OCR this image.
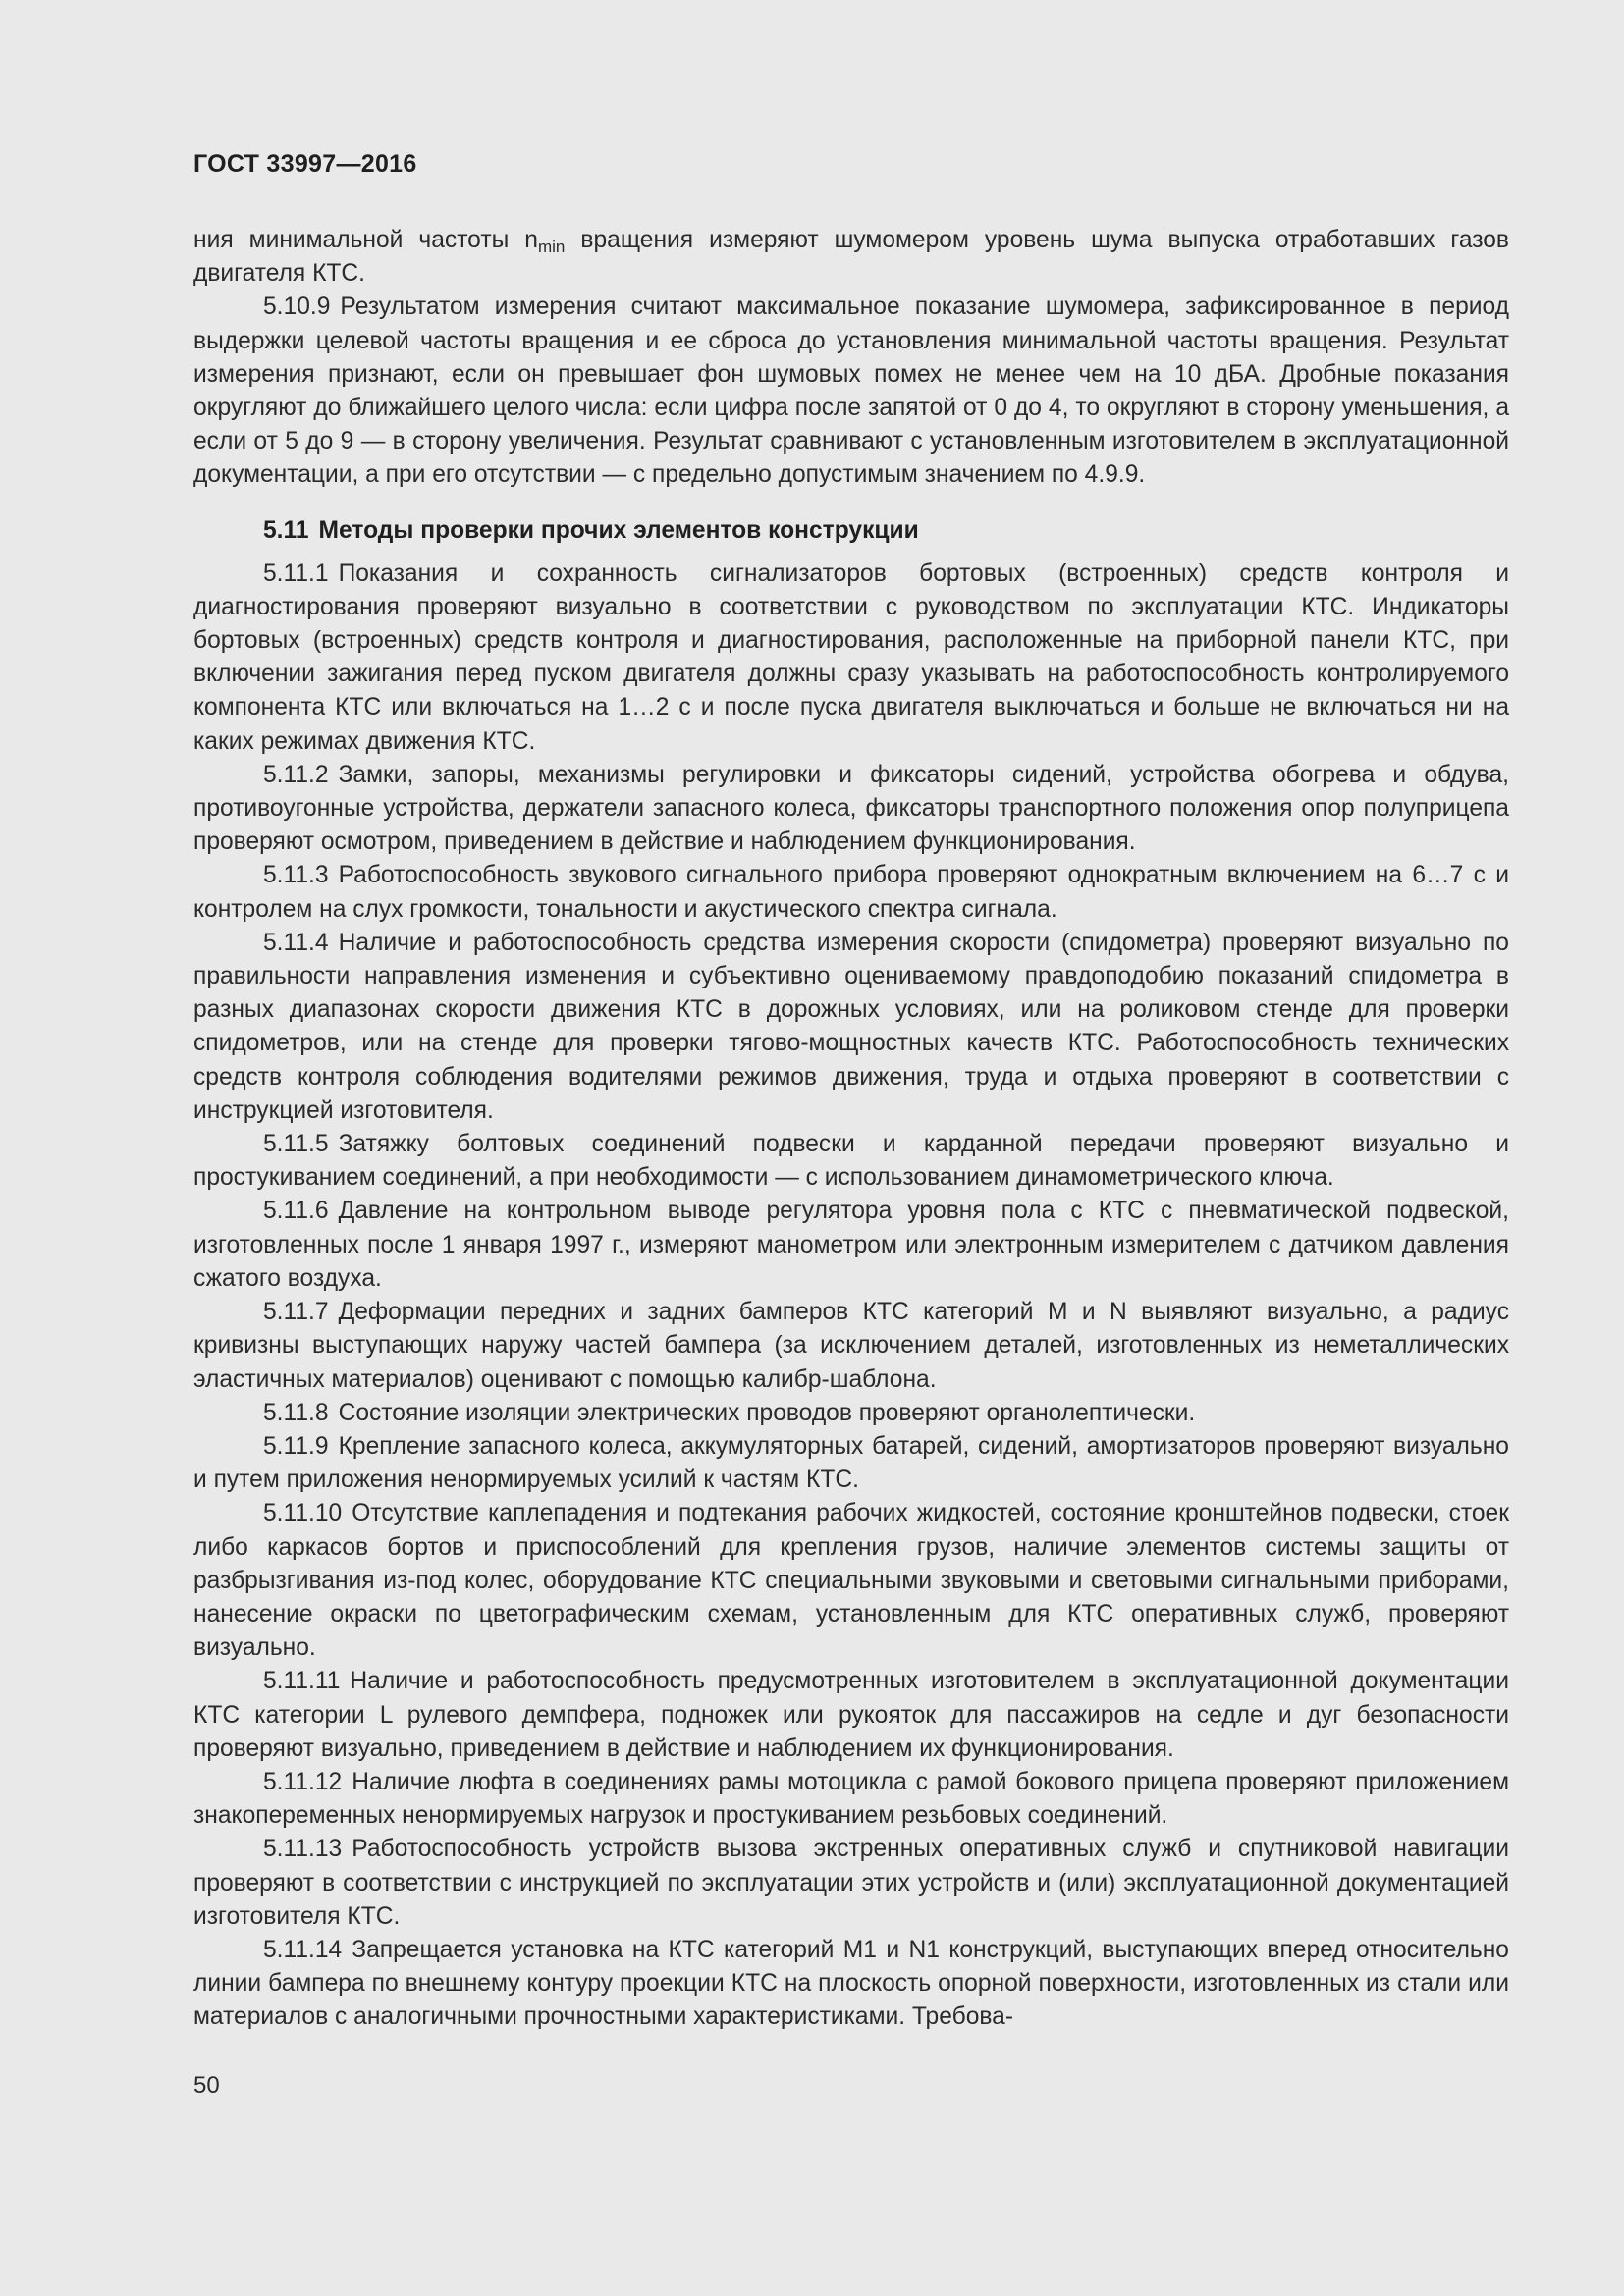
ГОСТ 33997—2016

ния минимальной частоты $n_{min}$ вращения измеряют шумомером уровень шума выпуска отработавших газов двигателя КТС.

5.10.9 Результатом измерения считают максимальное показание шумомера, зафиксированное в период выдержки целевой частоты вращения и ее сброса до установления минимальной частоты вращения. Результат измерения признают, если он превышает фон шумовых помех не менее чем на 10 дБА. Дробные показания округляют до ближайшего целого числа: если цифра после запятой от 0 до 4, то округляют в сторону уменьшения, а если от 5 до 9 — в сторону увеличения. Результат сравнивают с установленным изготовителем в эксплуатационной документации, а при его отсутствии — с предельно допустимым значением по 4.9.9.

5.11 Методы проверки прочих элементов конструкции

5.11.1 Показания и сохранность сигнализаторов бортовых (встроенных) средств контроля и диагностирования проверяют визуально в соответствии с руководством по эксплуатации КТС. Индикаторы бортовых (встроенных) средств контроля и диагностирования, расположенные на приборной панели КТС, при включении зажигания перед пуском двигателя должны сразу указывать на работоспособность контролируемого компонента КТС или включаться на 1…2 с и после пуска двигателя выключаться и больше не включаться ни на каких режимах движения КТС.

5.11.2 Замки, запоры, механизмы регулировки и фиксаторы сидений, устройства обогрева и обдува, противоугонные устройства, держатели запасного колеса, фиксаторы транспортного положения опор полуприцепа проверяют осмотром, приведением в действие и наблюдением функционирования.

5.11.3 Работоспособность звукового сигнального прибора проверяют однократным включением на 6…7 с и контролем на слух громкости, тональности и акустического спектра сигнала.

5.11.4 Наличие и работоспособность средства измерения скорости (спидометра) проверяют визуально по правильности направления изменения и субъективно оцениваемому правдоподобию показаний спидометра в разных диапазонах скорости движения КТС в дорожных условиях, или на роликовом стенде для проверки спидометров, или на стенде для проверки тягово-мощностных качеств КТС. Работоспособность технических средств контроля соблюдения водителями режимов движения, труда и отдыха проверяют в соответствии с инструкцией изготовителя.

5.11.5 Затяжку болтовых соединений подвески и карданной передачи проверяют визуально и простукиванием соединений, а при необходимости — с использованием динамометрического ключа.

5.11.6 Давление на контрольном выводе регулятора уровня пола с КТС с пневматической подвеской, изготовленных после 1 января 1997 г., измеряют манометром или электронным измерителем с датчиком давления сжатого воздуха.

5.11.7 Деформации передних и задних бамперов КТС категорий М и N выявляют визуально, а радиус кривизны выступающих наружу частей бампера (за исключением деталей, изготовленных из неметаллических эластичных материалов) оценивают с помощью калибр-шаблона.

5.11.8 Состояние изоляции электрических проводов проверяют органолептически.

5.11.9 Крепление запасного колеса, аккумуляторных батарей, сидений, амортизаторов проверяют визуально и путем приложения ненормируемых усилий к частям КТС.

5.11.10 Отсутствие каплепадения и подтекания рабочих жидкостей, состояние кронштейнов подвески, стоек либо каркасов бортов и приспособлений для крепления грузов, наличие элементов системы защиты от разбрызгивания из-под колес, оборудование КТС специальными звуковыми и световыми сигнальными приборами, нанесение окраски по цветографическим схемам, установленным для КТС оперативных служб, проверяют визуально.

5.11.11 Наличие и работоспособность предусмотренных изготовителем в эксплуатационной документации КТС категории L рулевого демпфера, подножек или рукояток для пассажиров на седле и дуг безопасности проверяют визуально, приведением в действие и наблюдением их функционирования.

5.11.12 Наличие люфта в соединениях рамы мотоцикла с рамой бокового прицепа проверяют приложением знакопеременных ненормируемых нагрузок и простукиванием резьбовых соединений.

5.11.13 Работоспособность устройств вызова экстренных оперативных служб и спутниковой навигации проверяют в соответствии с инструкцией по эксплуатации этих устройств и (или) эксплуатационной документацией изготовителя КТС.

5.11.14 Запрещается установка на КТС категорий М1 и N1 конструкций, выступающих вперед относительно линии бампера по внешнему контуру проекции КТС на плоскость опорной поверхности, изготовленных из стали или материалов с аналогичными прочностными характеристиками. Требова-

50
